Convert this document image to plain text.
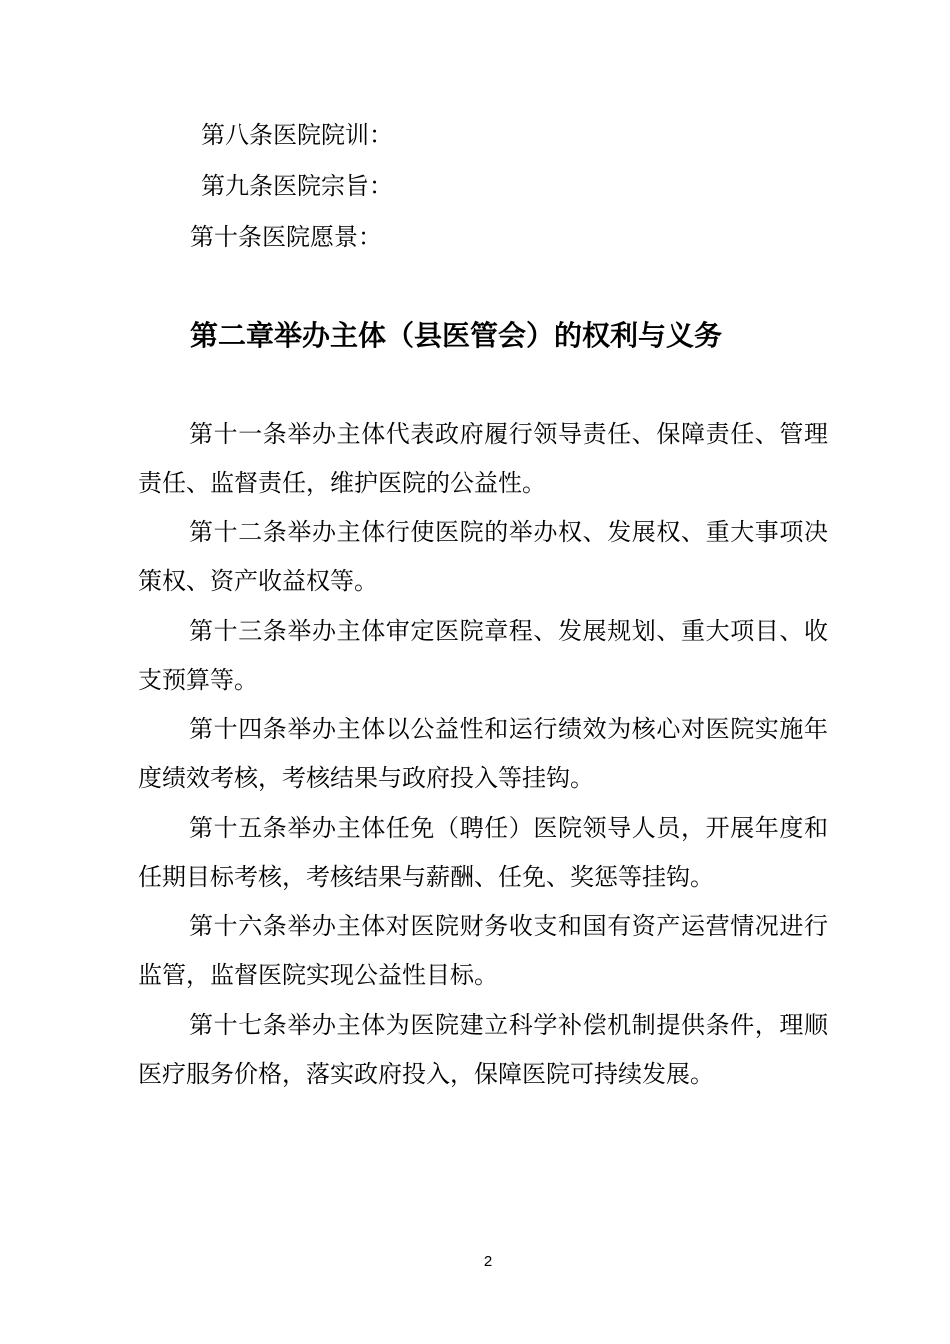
第八条医院院训：

第九条医院宗旨：

第十条医院愿景：

第二章举办主体（县医管会）的权利与义务

第十一条举办主体代表政府履行领导责任、保障责任、管理责任、监督责任，维护医院的公益性。

第十二条举办主体行使医院的举办权、发展权、重大事项决策权、资产收益权等。

第十三条举办主体审定医院章程、发展规划、重大项目、收支预算等。

第十四条举办主体以公益性和运行绩效为核心对医院实施年度绩效考核，考核结果与政府投入等挂钩。

第十五条举办主体任免（聘任）医院领导人员，开展年度和任期目标考核，考核结果与薪酬、任免、奖惩等挂钩。

第十六条举办主体对医院财务收支和国有资产运营情况进行监管，监督医院实现公益性目标。

第十七条举办主体为医院建立科学补偿机制提供条件，理顺医疗服务价格，落实政府投入，保障医院可持续发展。

2
